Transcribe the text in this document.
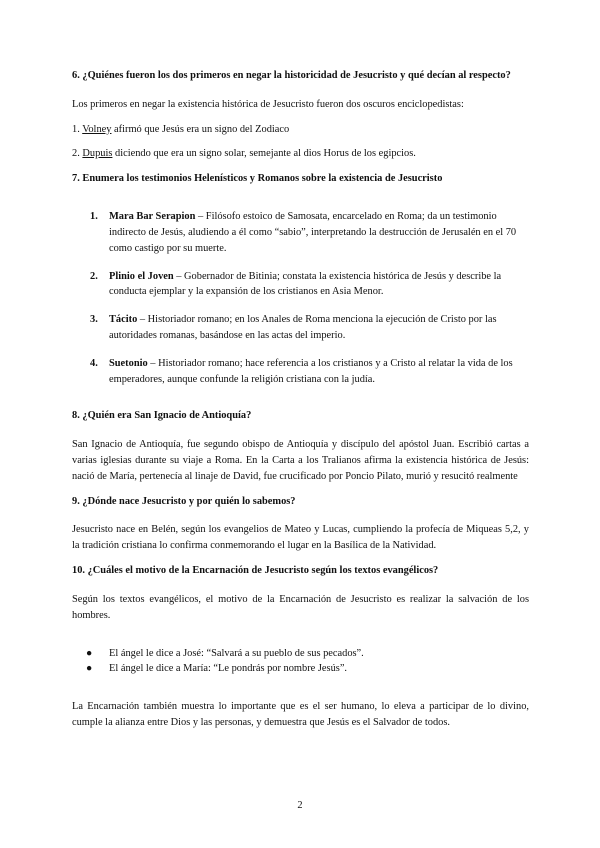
6. ¿Quiénes fueron los dos primeros en negar la historicidad de Jesucristo y qué decían al respecto?

Los primeros en negar la existencia histórica de Jesucristo fueron dos oscuros enciclopedistas:

1. Volney afirmó que Jesús era un signo del Zodiaco

2. Dupuis diciendo que era un signo solar, semejante al dios Horus de los egipcios.

7. Enumera los testimonios Helenísticos y Romanos sobre la existencia de Jesucristo

1. Mara Bar Serapion – Filósofo estoico de Samosata, encarcelado en Roma; da un testimonio indirecto de Jesús, aludiendo a él como “sabio”, interpretando la destrucción de Jerusalén en el 70 como castigo por su muerte.
2. Plinio el Joven – Gobernador de Bitinia; constata la existencia histórica de Jesús y describe la conducta ejemplar y la expansión de los cristianos en Asia Menor.
3. Tácito – Historiador romano; en los Anales de Roma menciona la ejecución de Cristo por las autoridades romanas, basándose en las actas del imperio.
4. Suetonio – Historiador romano; hace referencia a los cristianos y a Cristo al relatar la vida de los emperadores, aunque confunde la religión cristiana con la judía.

8. ¿Quién era San Ignacio de Antioquía?

San Ignacio de Antioquía, fue segundo obispo de Antioquía y discípulo del apóstol Juan. Escribió cartas a varias iglesias durante su viaje a Roma. En la Carta a los Tralianos afirma la existencia histórica de Jesús: nació de María, pertenecía al linaje de David, fue crucificado por Poncio Pilato, murió y resucitó realmente

9. ¿Dónde nace Jesucristo y por quién lo sabemos?

Jesucristo nace en Belén, según los evangelios de Mateo y Lucas, cumpliendo la profecía de Miqueas 5,2, y la tradición cristiana lo confirma conmemorando el lugar en la Basílica de la Natividad.

10. ¿Cuáles el motivo de la Encarnación de Jesucristo según los textos evangélicos?

Según los textos evangélicos, el motivo de la Encarnación de Jesucristo es realizar la salvación de los hombres.

● El ángel le dice a José: “Salvará a su pueblo de sus pecados”.
● El ángel le dice a María: “Le pondrás por nombre Jesús”.

La Encarnación también muestra lo importante que es el ser humano, lo eleva a participar de lo divino, cumple la alianza entre Dios y las personas, y demuestra que Jesús es el Salvador de todos.

2
